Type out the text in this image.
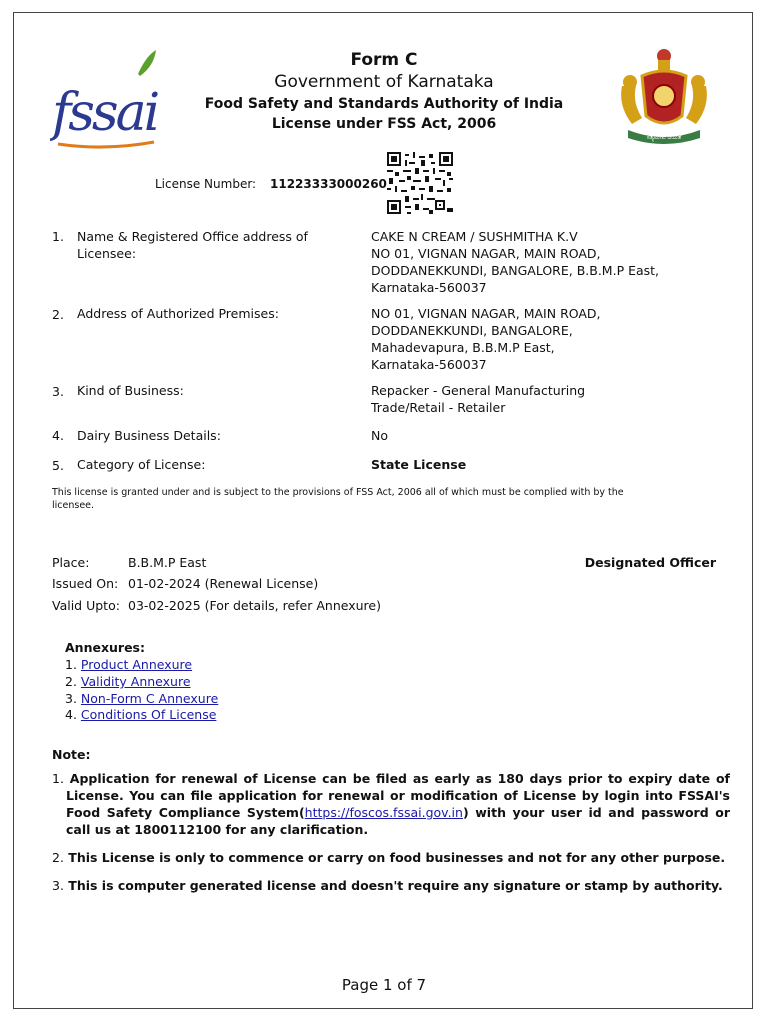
fssai	ಸತ್ಯಮೇವ ಜಯತೆ
Form C
Government of Karnataka
Food Safety and Standards Authority of India
License under FSS Act, 2006
License Number: 11223333000260
1. Name & Registered Office address of Licensee:
CAKE N CREAM / SUSHMITHA K.V
NO 01, VIGNAN NAGAR, MAIN ROAD, DODDANEKKUNDI, BANGALORE, B.B.M.P East, Karnataka-560037
2. Address of Authorized Premises:	NO 01, VIGNAN NAGAR, MAIN ROAD, DODDANEKKUNDI, BANGALORE, Mahadevapura, B.B.M.P East, Karnataka-560037
3. Kind of Business:	Repacker - General Manufacturing
Trade/Retail - Retailer
4. Dairy Business Details:	No
5. Category of License:	State License
This license is granted under and is subject to the provisions of FSS Act, 2006 all of which must be complied with by the licensee.
Place:	B.B.M.P East
Issued On: 01-02-2024 (Renewal License)
Valid Upto: 03-02-2025 (For details, refer Annexure)
Designated Officer
Annexures:
1. Product Annexure
2. Validity Annexure
3. Non-Form C Annexure
4. Conditions Of License
Note:
1. Application for renewal of License can be filed as early as 180 days prior to expiry date of License. You can file application for renewal or modification of License by login into FSSAI's Food Safety Compliance System(https://foscos.fssai.gov.in) with your user id and password or call us at 1800112100 for any clarification.
2. This License is only to commence or carry on food businesses and not for any other purpose.
3. This is computer generated license and doesn't require any signature or stamp by authority.
Page 1 of 7
